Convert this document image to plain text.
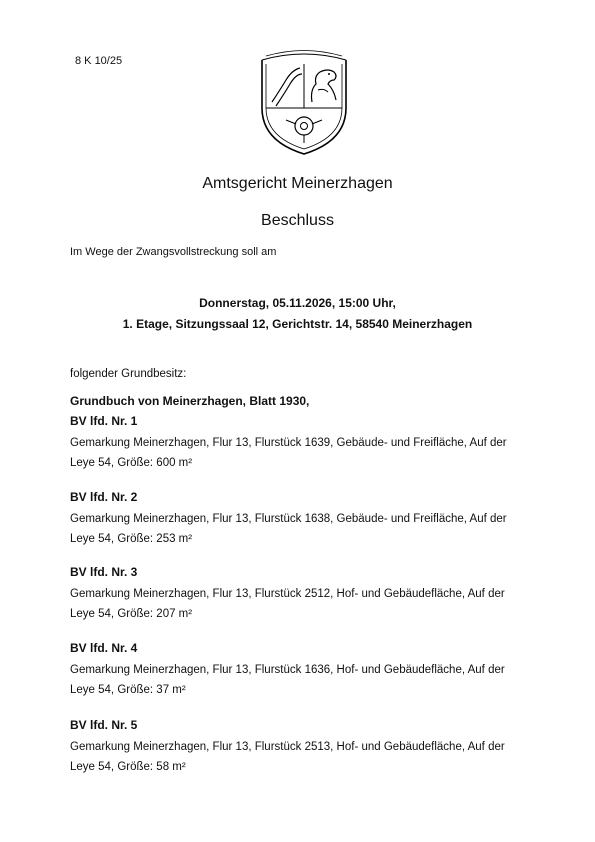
8 K 10/25
Amtsgericht Meinerzhagen
Beschluss
Im Wege der Zwangsvollstreckung soll am
Donnerstag, 05.11.2026, 15:00 Uhr,
1. Etage, Sitzungssaal 12, Gerichtstr. 14, 58540 Meinerzhagen
folgender Grundbesitz:
Grundbuch von Meinerzhagen, Blatt 1930,
BV lfd. Nr. 1
Gemarkung Meinerzhagen, Flur 13, Flurstück 1639, Gebäude- und Freifläche, Auf der Leye 54, Größe: 600 m²
BV lfd. Nr. 2
Gemarkung Meinerzhagen, Flur 13, Flurstück 1638, Gebäude- und Freifläche, Auf der Leye 54, Größe: 253 m²
BV lfd. Nr. 3
Gemarkung Meinerzhagen, Flur 13, Flurstück 2512, Hof- und Gebäudefläche, Auf der Leye 54, Größe: 207 m²
BV lfd. Nr. 4
Gemarkung Meinerzhagen, Flur 13, Flurstück 1636, Hof- und Gebäudefläche, Auf der Leye 54, Größe: 37 m²
BV lfd. Nr. 5
Gemarkung Meinerzhagen, Flur 13, Flurstück 2513, Hof- und Gebäudefläche, Auf der Leye 54, Größe: 58 m²
